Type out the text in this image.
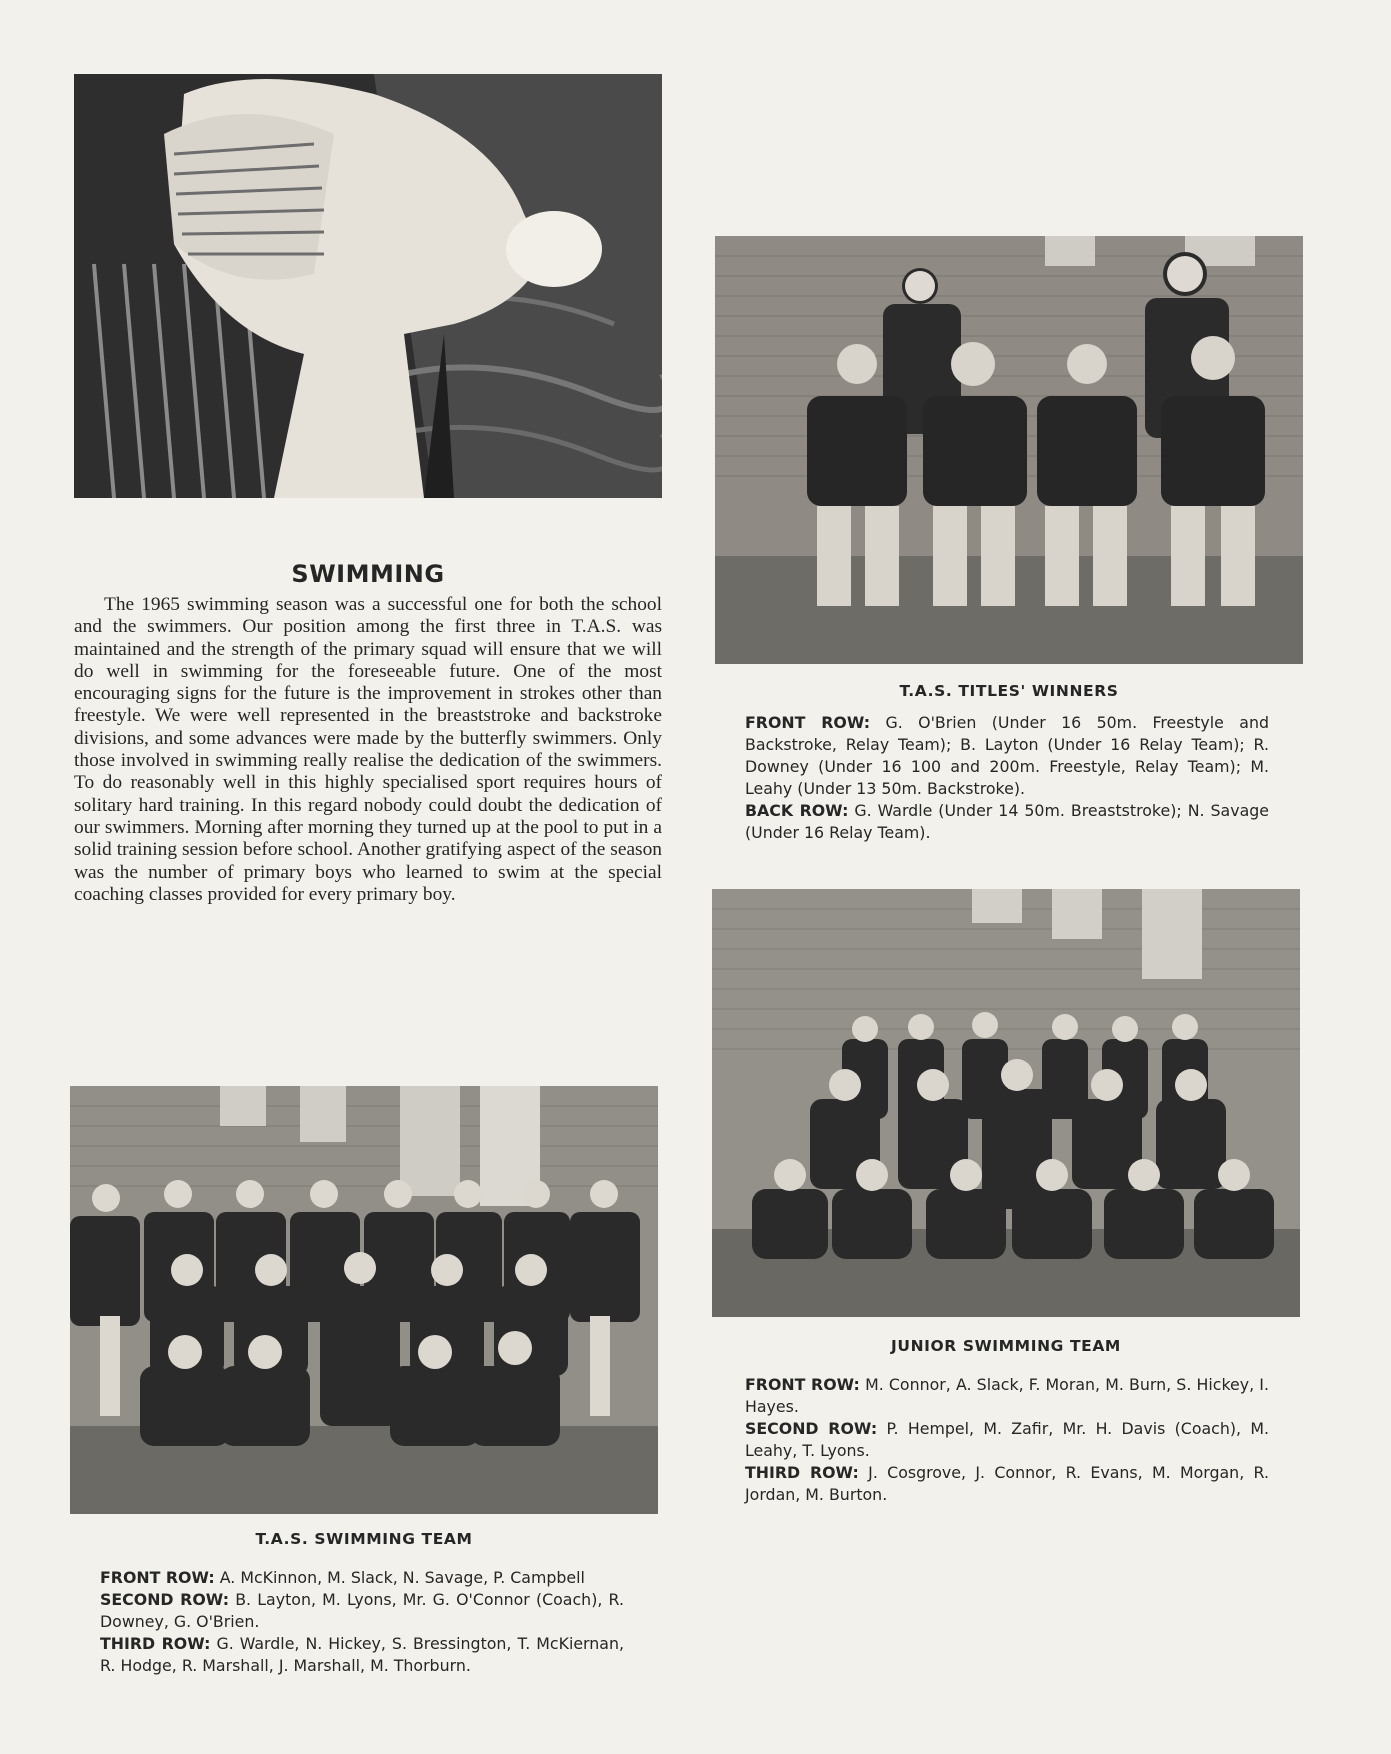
SWIMMING
The 1965 swimming season was a successful one for both the school and the swimmers. Our position among the first three in T.A.S. was maintained and the strength of the primary squad will ensure that we will do well in swimming for the foreseeable future. One of the most encouraging signs for the future is the improvement in strokes other than freestyle. We were well represented in the breaststroke and backstroke divisions, and some advances were made by the butterfly swimmers. Only those involved in swimming really realise the dedication of the swimmers. To do reasonably well in this highly specialised sport requires hours of solitary hard training. In this regard nobody could doubt the dedication of our swimmers. Morning after morning they turned up at the pool to put in a solid training session before school. Another gratifying aspect of the season was the number of primary boys who learned to swim at the special coaching classes provided for every primary boy.
T.A.S. TITLES' WINNERS

FRONT ROW: G. O'Brien (Under 16 50m. Freestyle and Backstroke, Relay Team); B. Layton (Under 16 Relay Team); R. Downey (Under 16 100 and 200m. Freestyle, Relay Team); M. Leahy (Under 13 50m. Backstroke).

BACK ROW: G. Wardle (Under 14 50m. Breaststroke); N. Savage (Under 16 Relay Team).

JUNIOR SWIMMING TEAM

FRONT ROW: M. Connor, A. Slack, F. Moran, M. Burn, S. Hickey, I. Hayes.

SECOND ROW: P. Hempel, M. Zafir, Mr. H. Davis (Coach), M. Leahy, T. Lyons.

THIRD ROW: J. Cosgrove, J. Connor, R. Evans, M. Morgan, R. Jordan, M. Burton.

T.A.S. SWIMMING TEAM

FRONT ROW: A. McKinnon, M. Slack, N. Savage, P. Campbell

SECOND ROW: B. Layton, M. Lyons, Mr. G. O'Connor (Coach), R. Downey, G. O'Brien.

THIRD ROW: G. Wardle, N. Hickey, S. Bressington, T. McKiernan, R. Hodge, R. Marshall, J. Marshall, M. Thorburn.
